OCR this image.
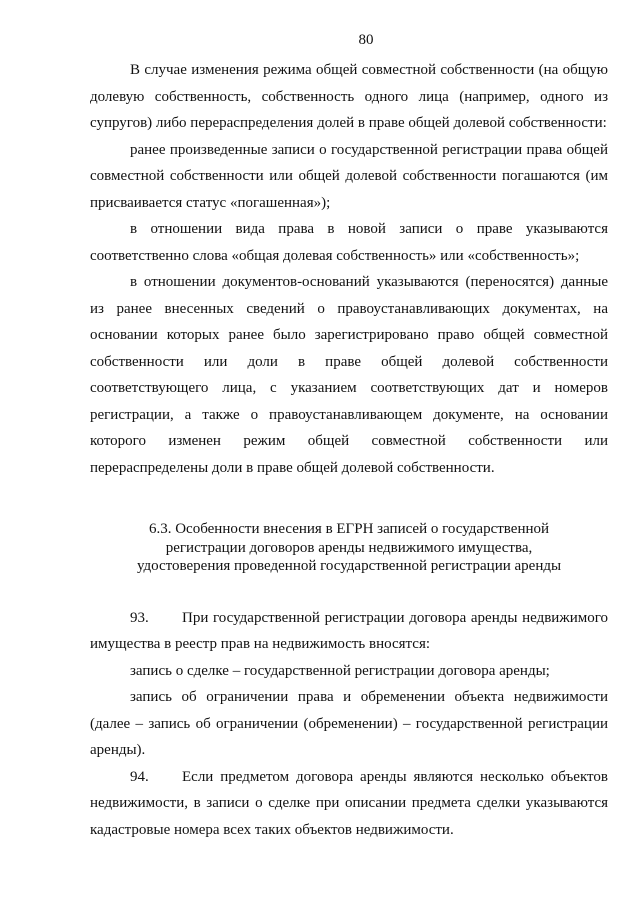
80

В случае изменения режима общей совместной собственности (на общую долевую собственность, собственность одного лица (например, одного из супругов) либо перераспределения долей в праве общей долевой собственности:

ранее произведенные записи о государственной регистрации права общей совместной собственности или общей долевой собственности погашаются (им присваивается статус «погашенная»);

в отношении вида права в новой записи о праве указываются соответственно слова «общая долевая собственность» или «собственность»;

в отношении документов-оснований указываются (переносятся) данные из ранее внесенных сведений о правоустанавливающих документах, на основании которых ранее было зарегистрировано право общей совместной собственности или доли в праве общей долевой собственности соответствующего лица, с указанием соответствующих дат и номеров регистрации, а также о правоустанавливающем документе, на основании которого изменен режим общей совместной собственности или перераспределены доли в праве общей долевой собственности.

6.3. Особенности внесения в ЕГРН записей о государственной
регистрации договоров аренды недвижимого имущества,
удостоверения проведенной государственной регистрации аренды

93. При государственной регистрации договора аренды недвижимого имущества в реестр прав на недвижимость вносятся:

запись о сделке – государственной регистрации договора аренды;

запись об ограничении права и обременении объекта недвижимости (далее – запись об ограничении (обременении) – государственной регистрации аренды).

94. Если предметом договора аренды являются несколько объектов недвижимости, в записи о сделке при описании предмета сделки указываются кадастровые номера всех таких объектов недвижимости.
